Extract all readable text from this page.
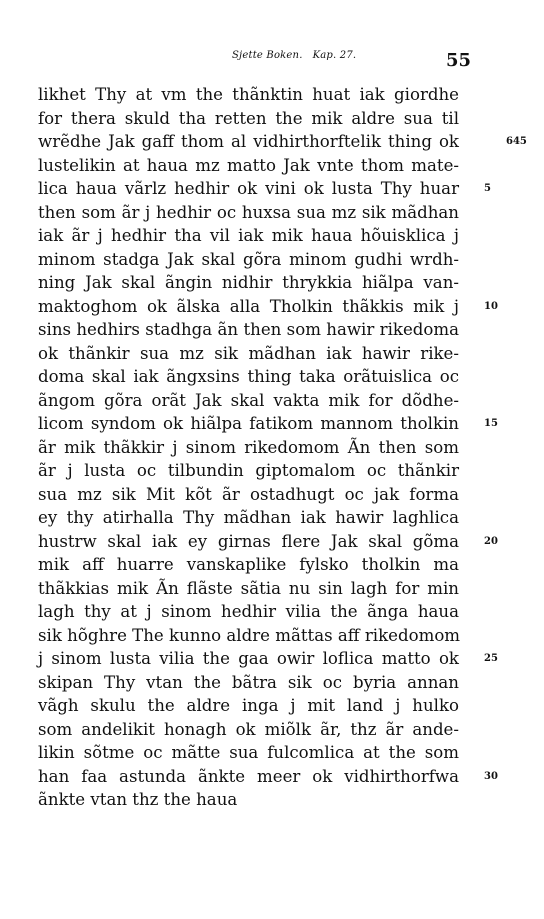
Sjette Boken. Kap. 27.	55
likhet Thy at vm the thãnktin huat iak giordhe
for thera skuld tha retten the mik aldre sua til
wrẽdhe Jak gaff thom al vidhirthorftelik thing ok
lustelikin at haua mz matto Jak vnte thom mate-
lica haua vãrlz hedhir ok vini ok lusta Thy huar
then som ãr j hedhir oc huxsa sua mz sik mãdhan
iak ãr j hedhir tha vil iak mik haua hõuisklica j
minom stadga Jak skal gõra minom gudhi wrdh-
ning Jak skal ãngin nidhir thrykkia hiãlpa van-
maktoghom ok ãlska alla Tholkin thãkkis mik j
sins hedhirs stadhga ãn then som hawir rikedoma
ok thãnkir sua mz sik mãdhan iak hawir rike-
doma skal iak ãngxsins thing taka orãtuislica oc
ãngom gõra orãt Jak skal vakta mik for dõdhe-
licom syndom ok hiãlpa fatikom mannom tholkin
ãr mik thãkkir j sinom rikedomom Ãn then som
ãr j lusta oc tilbundin giptomalom oc thãnkir
sua mz sik Mit kõt ãr ostadhugt oc jak forma
ey thy atirhalla Thy mãdhan iak hawir laghlica
hustrw skal iak ey girnas flere Jak skal gõma
mik aff huarre vanskaplike fylsko tholkin ma
thãkkias mik Ãn flãste sãtia nu sin lagh for min
lagh thy at j sinom hedhir vilia the ãnga haua
sik hõghre The kunno aldre mãttas aff rikedomom
j sinom lusta vilia the gaa owir loflica matto ok
skipan Thy vtan the bãtra sik oc byria annan
vãgh skulu the aldre inga j mit land j hulko
som andelikit honagh ok miõlk ãr, thz ãr ande-
likin sõtme oc mãtte sua fulcomlica at the som
han faa astunda ãnkte meer ok vidhirthorfwa
ãnkte vtan thz the haua
645
5
10
15
20
25
30
